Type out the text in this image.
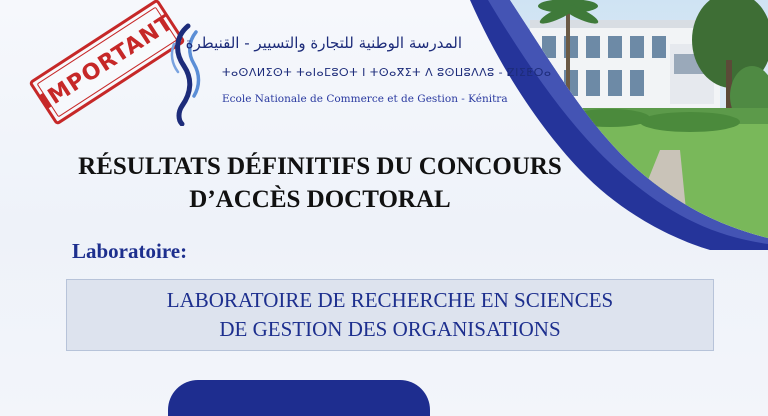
IMPORTANT المدرسة الوطنية للتجارة والتسيير - القنيطرة
ⵜⴰⵙⴷⵍⵉⵙⵜ ⵜⴰⵏⴰⵎⵓⵔⵜ ⵏ ⵜⵙⴰⴳⵉⵜ ⴷ ⵓⵙⵡⵓⴷⴷⵓ - ⵇⵏⵉⵟⵔⴰ
Ecole Nationale de Commerce et de Gestion - Kénitra
RÉSULTATS DÉFINITIFS DU CONCOURS
D’ACCÈS DOCTORAL
Laboratoire:
LABORATOIRE DE RECHERCHE EN SCIENCES
DE GESTION DES ORGANISATIONS
